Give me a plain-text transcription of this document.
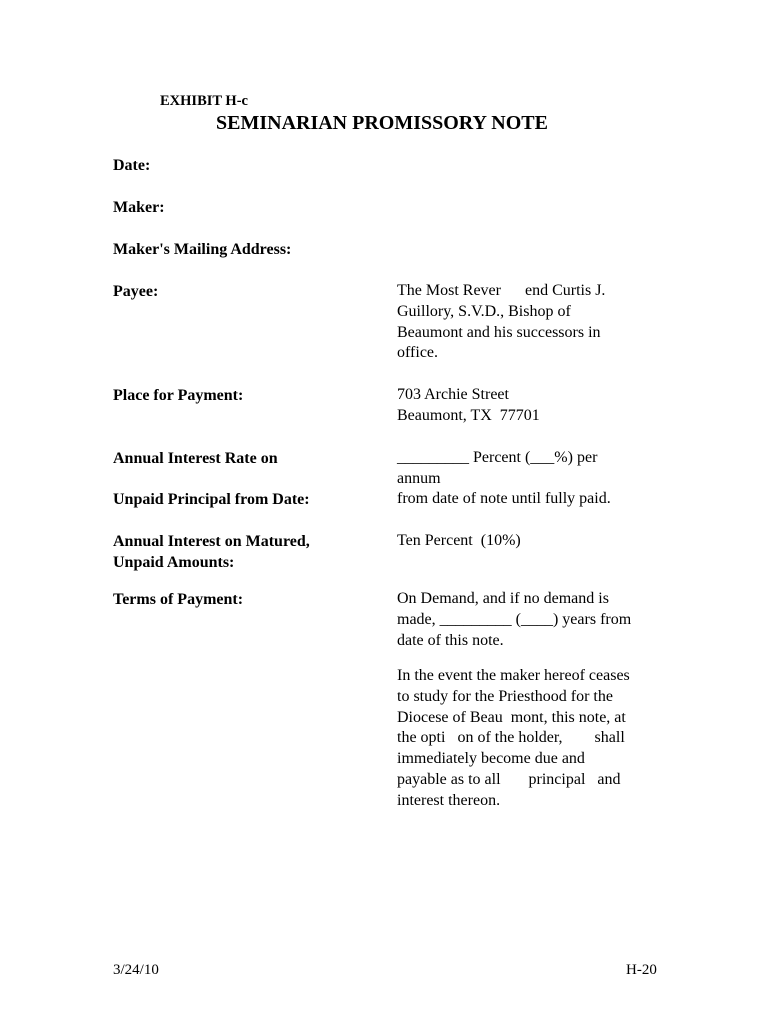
EXHIBIT H-c
SEMINARIAN PROMISSORY NOTE
Date:
Maker:
Maker's Mailing Address:
Payee:	The Most Rever      end Curtis J.
Guillory, S.V.D., Bishop of
Beaumont and his successors in
office.
Place for Payment:	703 Archie Street
Beaumont, TX  77701
Annual Interest Rate on	_________ Percent (___%) per
annum
Unpaid Principal from Date:	from date of note until fully paid.
Annual Interest on Matured,
Unpaid Amounts:
Ten Percent  (10%)
Terms of Payment:	On Demand, and if no demand is
made, _________ (____) years from
date of this note.
In the event the maker hereof ceases
to study for the Priesthood for the
Diocese of Beau  mont, this note, at
the opti   on of the holder,        shall
immediately become due and
payable as to all       principal   and
interest thereon.
3/24/10	H-20
